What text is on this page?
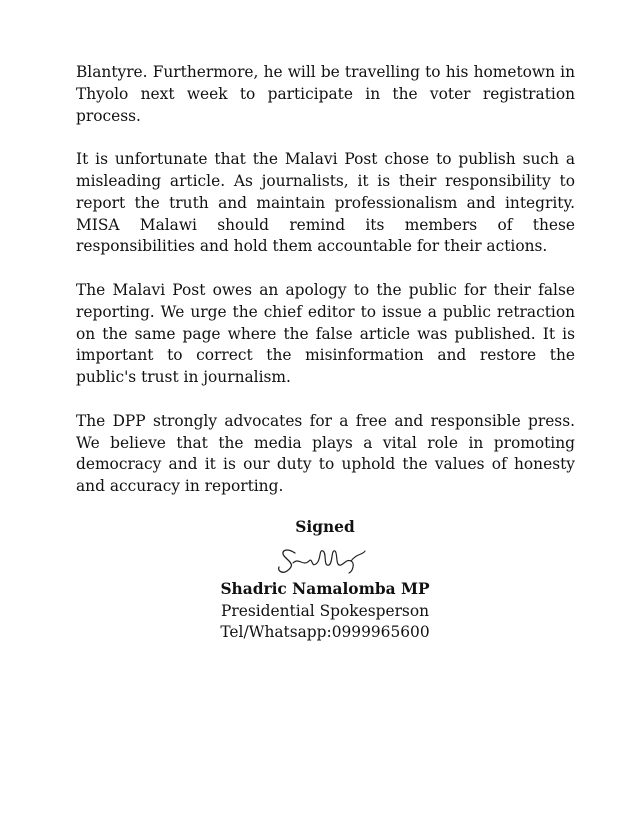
Blantyre. Furthermore, he will be travelling to his hometown in Thyolo next week to participate in the voter registration process.

It is unfortunate that the Malavi Post chose to publish such a misleading article. As journalists, it is their responsibility to report the truth and maintain professionalism and integrity. MISA Malawi should remind its members of these responsibilities and hold them accountable for their actions.

The Malavi Post owes an apology to the public for their false reporting. We urge the chief editor to issue a public retraction on the same page where the false article was published. It is important to correct the misinformation and restore the public's trust in journalism.

The DPP strongly advocates for a free and responsible press. We believe that the media plays a vital role in promoting democracy and it is our duty to uphold the values of honesty and accuracy in reporting.

Signed
Shadric Namalomba MP
Presidential Spokesperson
Tel/Whatsapp:0999965600
